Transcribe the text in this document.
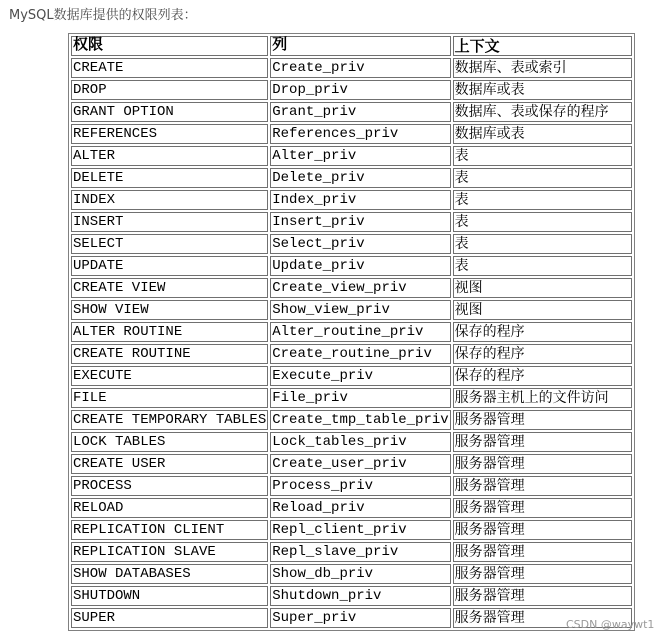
MySQL数据库提供的权限列表：
权限	列	上下文
CREATE	Create_priv	数据库、表或索引
DROP	Drop_priv	数据库或表
GRANT OPTION	Grant_priv	数据库、表或保存的程序
REFERENCES	References_priv	数据库或表
ALTER	Alter_priv	表
DELETE	Delete_priv	表
INDEX	Index_priv	表
INSERT	Insert_priv	表
SELECT	Select_priv	表
UPDATE	Update_priv	表
CREATE VIEW	Create_view_priv	视图
SHOW VIEW	Show_view_priv	视图
ALTER ROUTINE	Alter_routine_priv	保存的程序
CREATE ROUTINE	Create_routine_priv	保存的程序
EXECUTE	Execute_priv	保存的程序
FILE	File_priv	服务器主机上的文件访问
CREATE TEMPORARY TABLES	Create_tmp_table_priv	服务器管理
LOCK TABLES	Lock_tables_priv	服务器管理
CREATE USER	Create_user_priv	服务器管理
PROCESS	Process_priv	服务器管理
RELOAD	Reload_priv	服务器管理
REPLICATION CLIENT	Repl_client_priv	服务器管理
REPLICATION SLAVE	Repl_slave_priv	服务器管理
SHOW DATABASES	Show_db_priv	服务器管理
SHUTDOWN	Shutdown_priv	服务器管理
SUPER	Super_priv	服务器管理	CSDN @waywt1
